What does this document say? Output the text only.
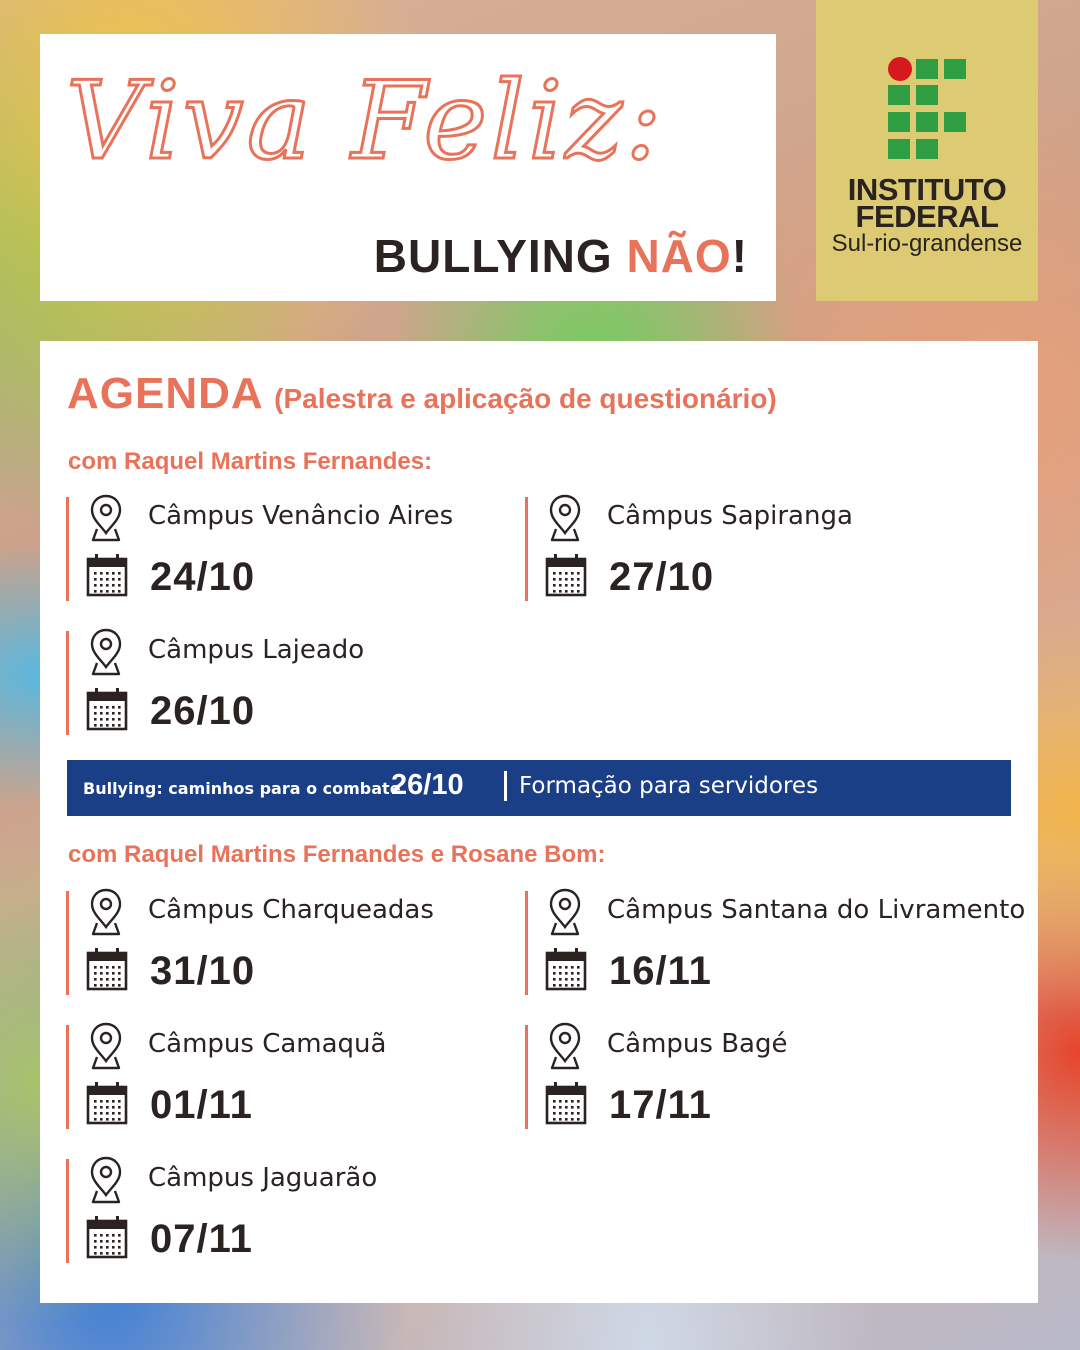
Viva Feliz:
BULLYING NÃO!
INSTITUTO
FEDERAL
Sul-rio-grandense
AGENDA (Palestra e aplicação de questionário)
com Raquel Martins Fernandes:
Câmpus Venâncio Aires
24/10
Câmpus Sapiranga
27/10
Câmpus Lajeado
26/10
Bullying: caminhos para o combate
26/10 Formação para servidores
com Raquel Martins Fernandes e Rosane Bom:
Câmpus Charqueadas
31/10
Câmpus Santana do Livramento
16/11
Câmpus Camaquã
01/11
Câmpus Bagé
17/11
Câmpus Jaguarão
07/11
